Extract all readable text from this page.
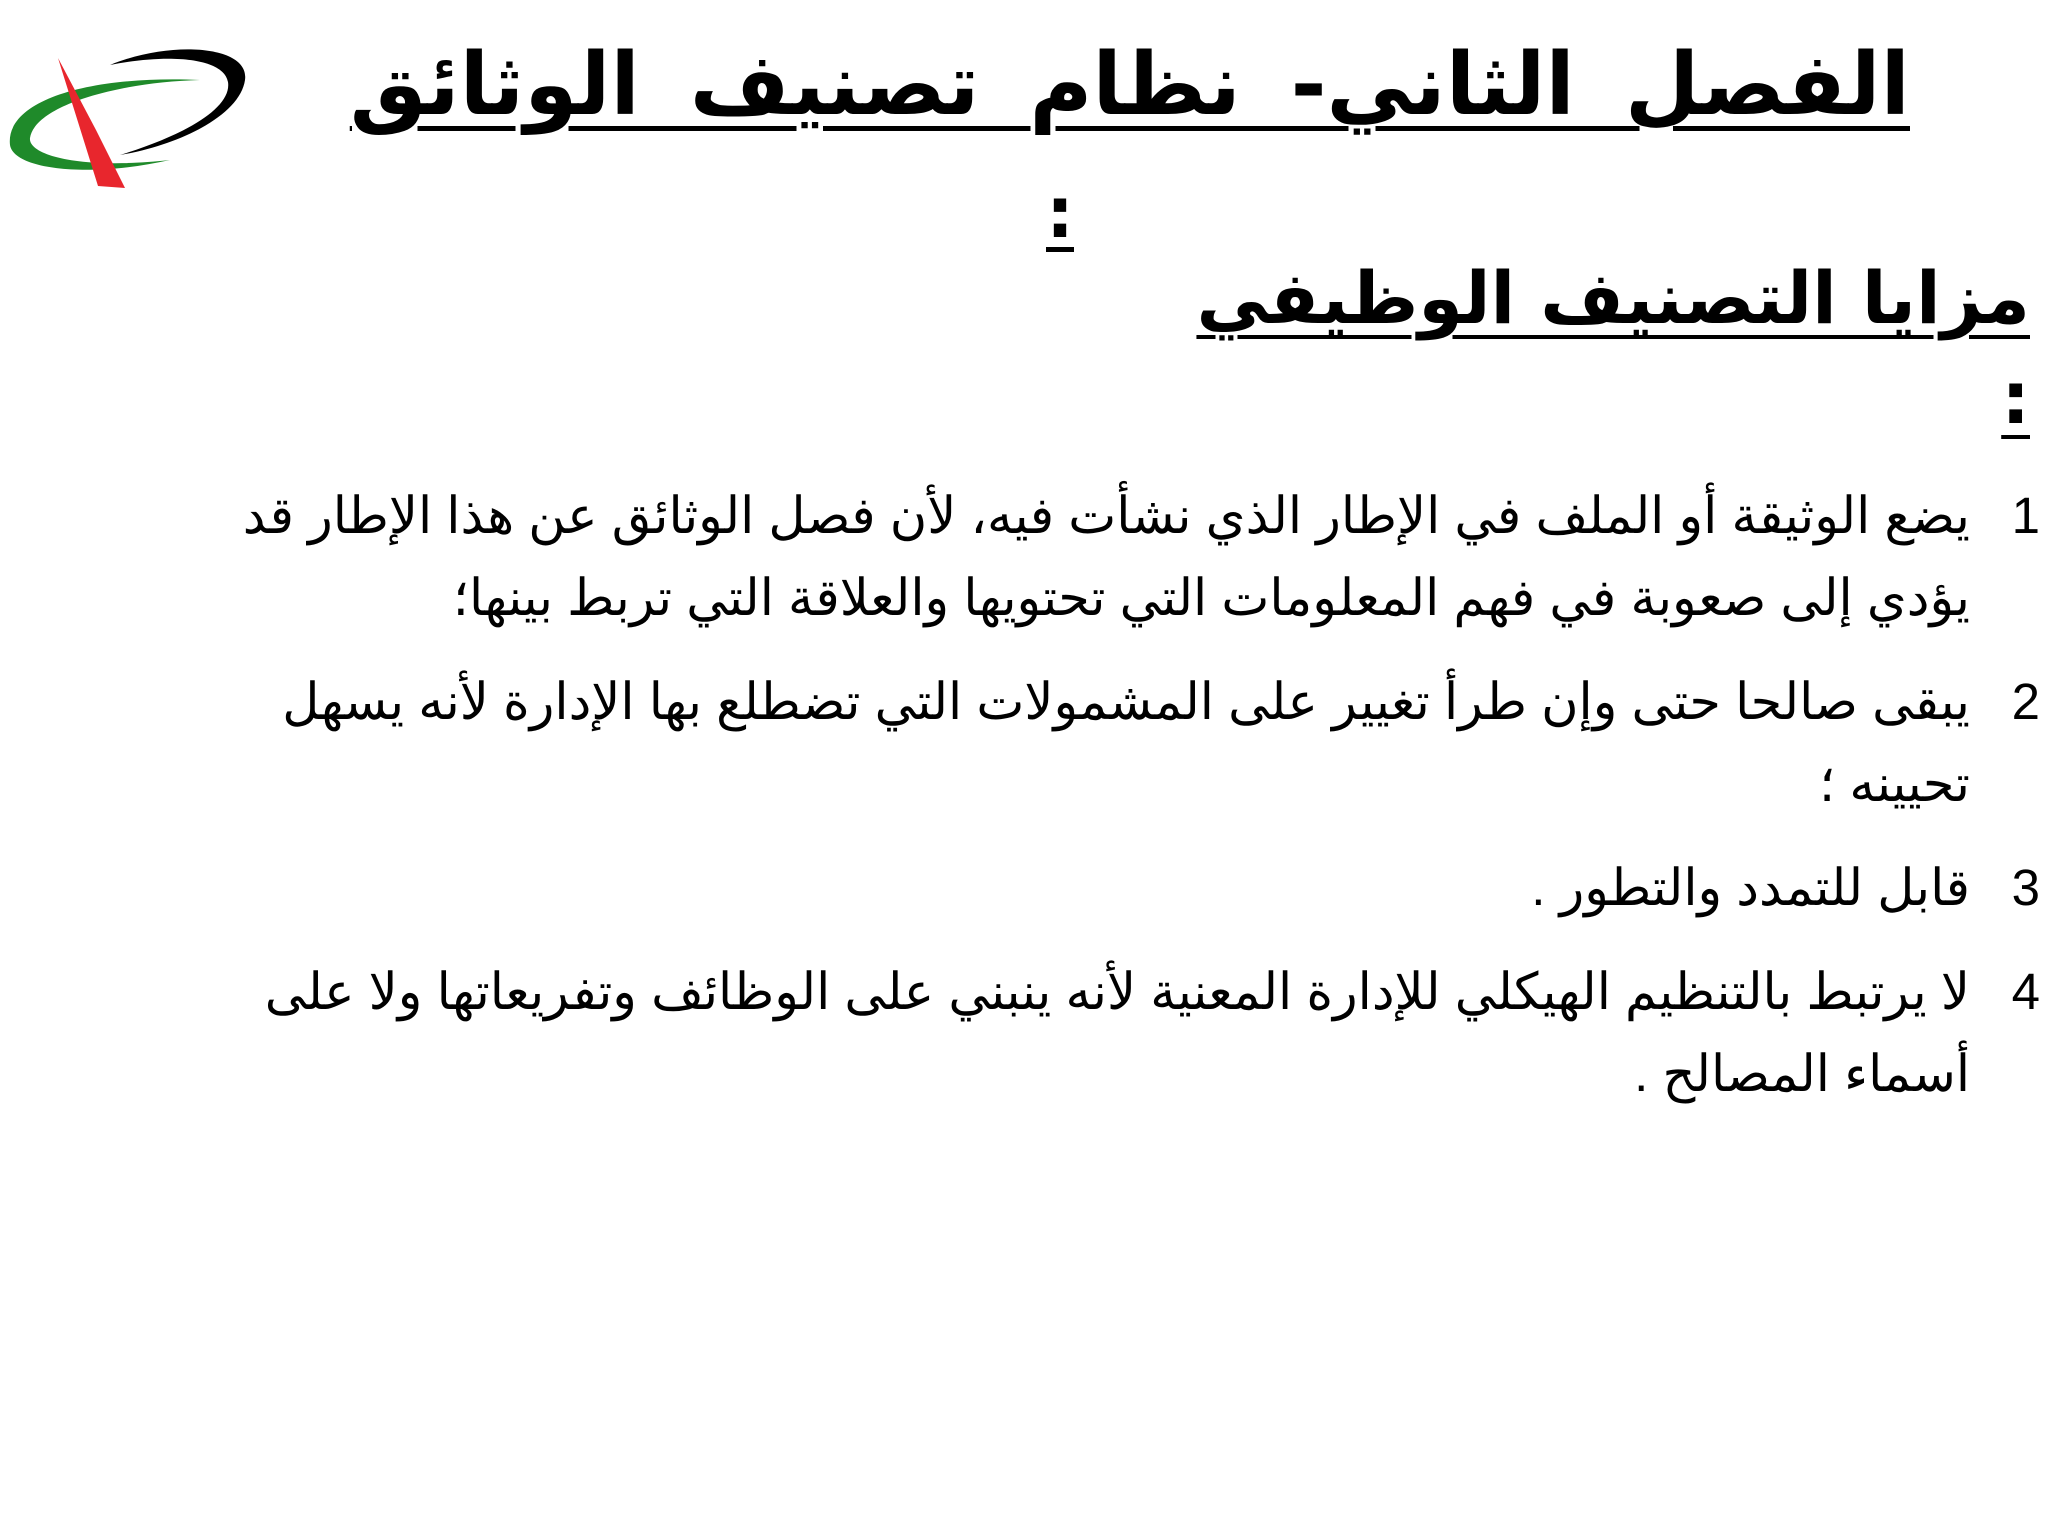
الفصل الثاني- نظام تصنيف الوثائق
:
مزايا التصنيف الوظيفي :
1
يضع الوثيقة أو الملف في الإطار الذي نشأت فيه، لأن فصل الوثائق عن هذا الإطار قد يؤدي إلى صعوبة في فهم المعلومات التي تحتويها والعلاقة التي تربط بينها؛
2
يبقى صالحا حتى وإن طرأ تغيير على المشمولات التي تضطلع بها الإدارة لأنه يسهل تحيينه ؛
3
قابل للتمدد والتطور .
4
لا يرتبط بالتنظيم الهيكلي للإدارة المعنية لأنه ينبني على الوظائف وتفريعاتها ولا على أسماء المصالح .
